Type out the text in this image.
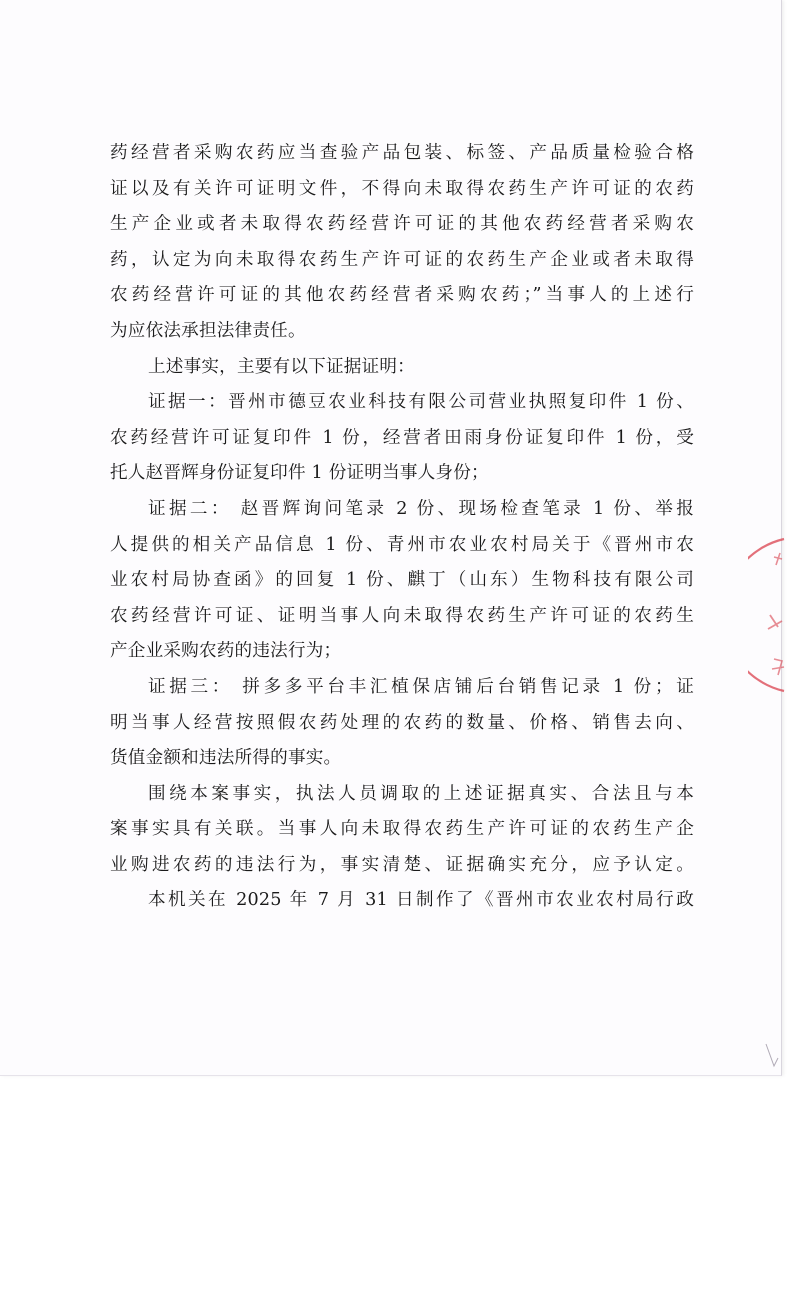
药经营者采购农药应当查验产品包装、标签、产品质量检验合格
证以及有关许可证明文件，不得向未取得农药生产许可证的农药
生产企业或者未取得农药经营许可证的其他农药经营者采购农
药，认定为向未取得农药生产许可证的农药生产企业或者未取得
农药经营许可证的其他农药经营者采购农药；”当事人的上述行
为应依法承担法律责任。
上述事实，主要有以下证据证明：
证据一：晋州市德豆农业科技有限公司营业执照复印件 1 份、
农药经营许可证复印件 1 份，经营者田雨身份证复印件 1 份，受
托人赵晋辉身份证复印件 1 份证明当事人身份；
证据二： 赵晋辉询问笔录 2 份、现场检查笔录 1 份、举报
人提供的相关产品信息 1 份、青州市农业农村局关于《晋州市农
业农村局协查函》的回复 1 份、麒丁（山东）生物科技有限公司
农药经营许可证、证明当事人向未取得农药生产许可证的农药生
产企业采购农药的违法行为；
证据三： 拼多多平台丰汇植保店铺后台销售记录 1 份；证
明当事人经营按照假农药处理的农药的数量、价格、销售去向、
货值金额和违法所得的事实。
围绕本案事实，执法人员调取的上述证据真实、合法且与本
案事实具有关联。当事人向未取得农药生产许可证的农药生产企
业购进农药的违法行为，事实清楚、证据确实充分，应予认定。
本机关在 2025 年 7 月 31 日制作了《晋州市农业农村局行政
